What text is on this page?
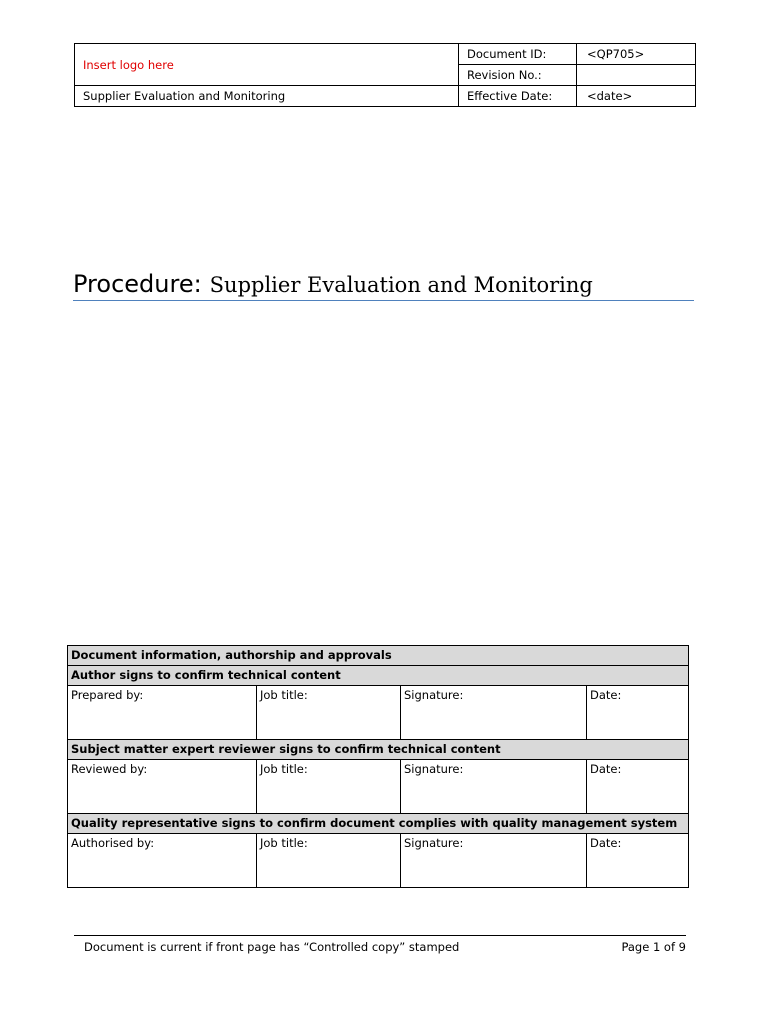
Insert logo here	Document ID:	<QP705>
	Revision No.:	
Supplier Evaluation and Monitoring	Effective Date:	<date>
Procedure: Supplier Evaluation and Monitoring
Document information, authorship and approvals			
Author signs to confirm technical content			
Prepared by:	Job title:	Signature:	Date:
Subject matter expert reviewer signs to confirm technical content			
Reviewed by:	Job title:	Signature:	Date:
Quality representative signs to confirm document complies with quality management system			
Authorised by:	Job title:	Signature:	Date:
Document is current if front page has “Controlled copy” stamped	Page 1 of 9
